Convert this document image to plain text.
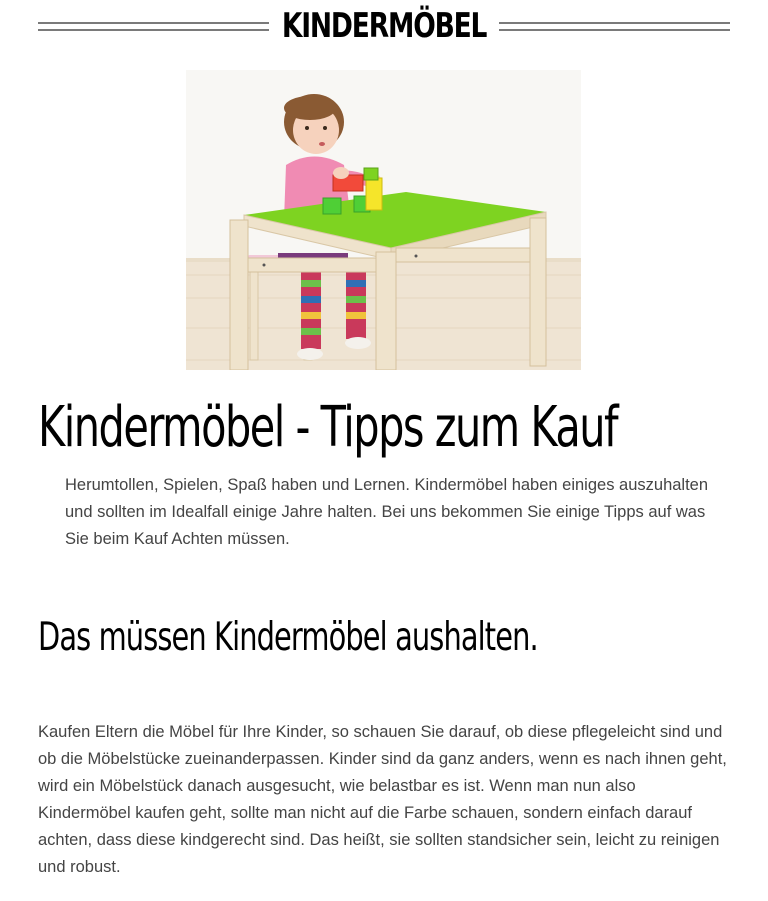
KINDERMÖBEL
Kindermöbel - Tipps zum Kauf

Herumtollen, Spielen, Spaß haben und Lernen. Kindermöbel haben einiges auszuhalten und sollten im Idealfall einige Jahre halten. Bei uns bekommen Sie einige Tipps auf was Sie beim Kauf Achten müssen.

Das müssen Kindermöbel aushalten.

Kaufen Eltern die Möbel für Ihre Kinder, so schauen Sie darauf, ob diese pflegeleicht sind und ob die Möbelstücke zueinanderpassen. Kinder sind da ganz anders, wenn es nach ihnen geht, wird ein Möbelstück danach ausgesucht, wie belastbar es ist. Wenn man nun also Kindermöbel kaufen geht, sollte man nicht auf die Farbe schauen, sondern einfach darauf achten, dass diese kindgerecht sind. Das heißt, sie sollten standsicher sein, leicht zu reinigen und robust.
